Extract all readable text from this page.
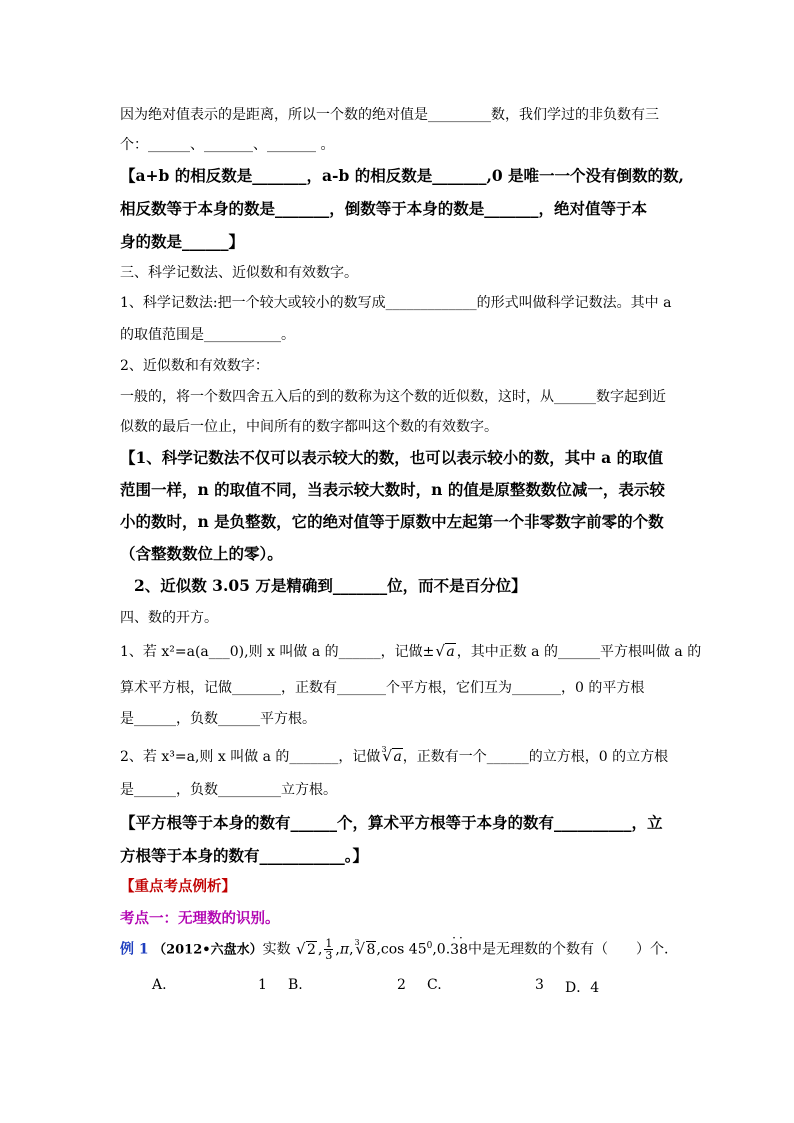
因为绝对值表示的是距离，所以一个数的绝对值是_________数，我们学过的非负数有三
个：______、_______、_______ 。
【a+b 的相反数是_______，a-b 的相反数是_______,0 是唯一一个没有倒数的数,
相反数等于本身的数是_______，倒数等于本身的数是_______，绝对值等于本
身的数是______】
三、科学记数法、近似数和有效数字。
1、科学记数法:把一个较大或较小的数写成_____________的形式叫做科学记数法。其中 a
的取值范围是___________。
2、近似数和有效数字：
一般的，将一个数四舍五入后的到的数称为这个数的近似数，这时，从______数字起到近
似数的最后一位止，中间所有的数字都叫这个数的有效数字。
【1、科学记数法不仅可以表示较大的数，也可以表示较小的数，其中 a 的取值
范围一样，n 的取值不同，当表示较大数时，n 的值是原整数数位减一，表示较
小的数时，n 是负整数，它的绝对值等于原数中左起第一个非零数字前零的个数
（含整数数位上的零）。
2、近似数 3.05 万是精确到_______位，而不是百分位】
四、数的开方。
1、若 x²=a(a___0),则 x 叫做 a 的______，记做± √ a ，其中正数 a 的______平方根叫做 a 的
算术平方根，记做_______，正数有_______个平方根，它们互为_______，0 的平方根
是______，负数______平方根。
2、若 x³=a,则 x 叫做 a 的_______，记做 √ 3 a，正数有一个______的立方根，0 的立方根
是______，负数_________立方根。
【平方根等于本身的数有______个，算术平方根等于本身的数有__________，立
方根等于本身的数有___________。】
【重点考点例析】
考点一：无理数的识别。
例 1 （2012•六盘水）实数 √ 2 , $\frac{1}{3} ,\pi$, √ 3 8,cos $45^0,0.\cdot\cdot 38$中是无理数的个数有（　　）个.
A.	1 B.	2 C.	3 D．4
